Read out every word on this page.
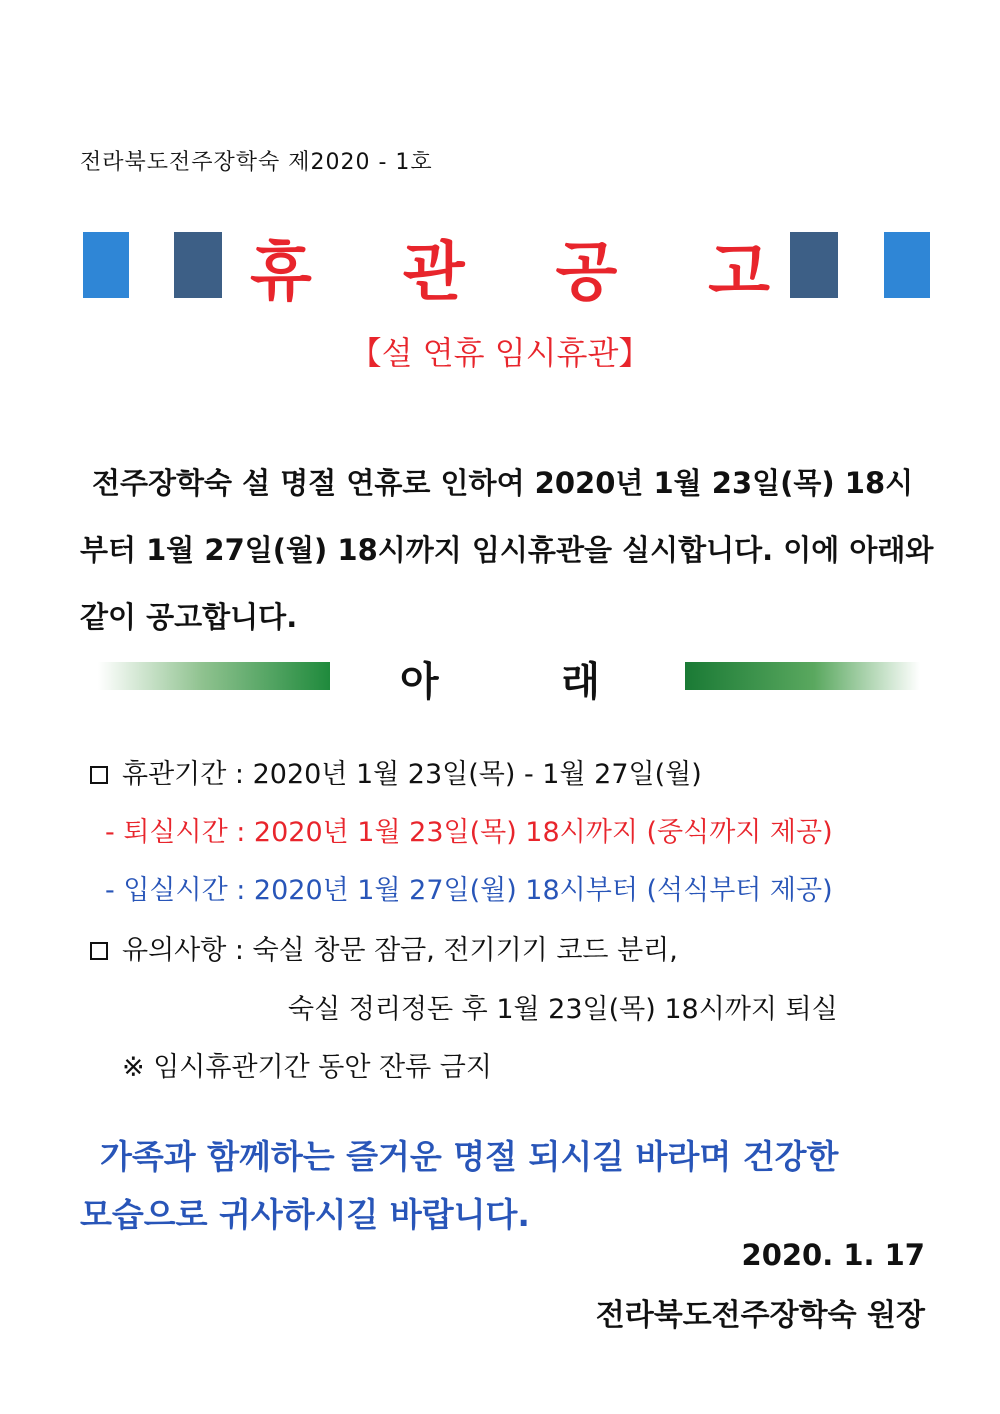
전라북도전주장학숙 제2020 - 1호
휴 관 공 고
【설 연휴 임시휴관】
전주장학숙 설 명절 연휴로 인하여 2020년 1월 23일(목) 18시
부터 1월 27일(월) 18시까지 임시휴관을 실시합니다. 이에 아래와
같이 공고합니다.
아	래
휴관기간 : 2020년 1월 23일(목) - 1월 27일(월)
- 퇴실시간 : 2020년 1월 23일(목) 18시까지 (중식까지 제공)
- 입실시간 : 2020년 1월 27일(월) 18시부터 (석식부터 제공)
유의사항 : 숙실 창문 잠금, 전기기기 코드 분리,
숙실 정리정돈 후 1월 23일(목) 18시까지 퇴실
※ 임시휴관기간 동안 잔류 금지
가족과 함께하는 즐거운 명절 되시길 바라며 건강한
모습으로 귀사하시길 바랍니다.
2020. 1. 17
전라북도전주장학숙 원장
